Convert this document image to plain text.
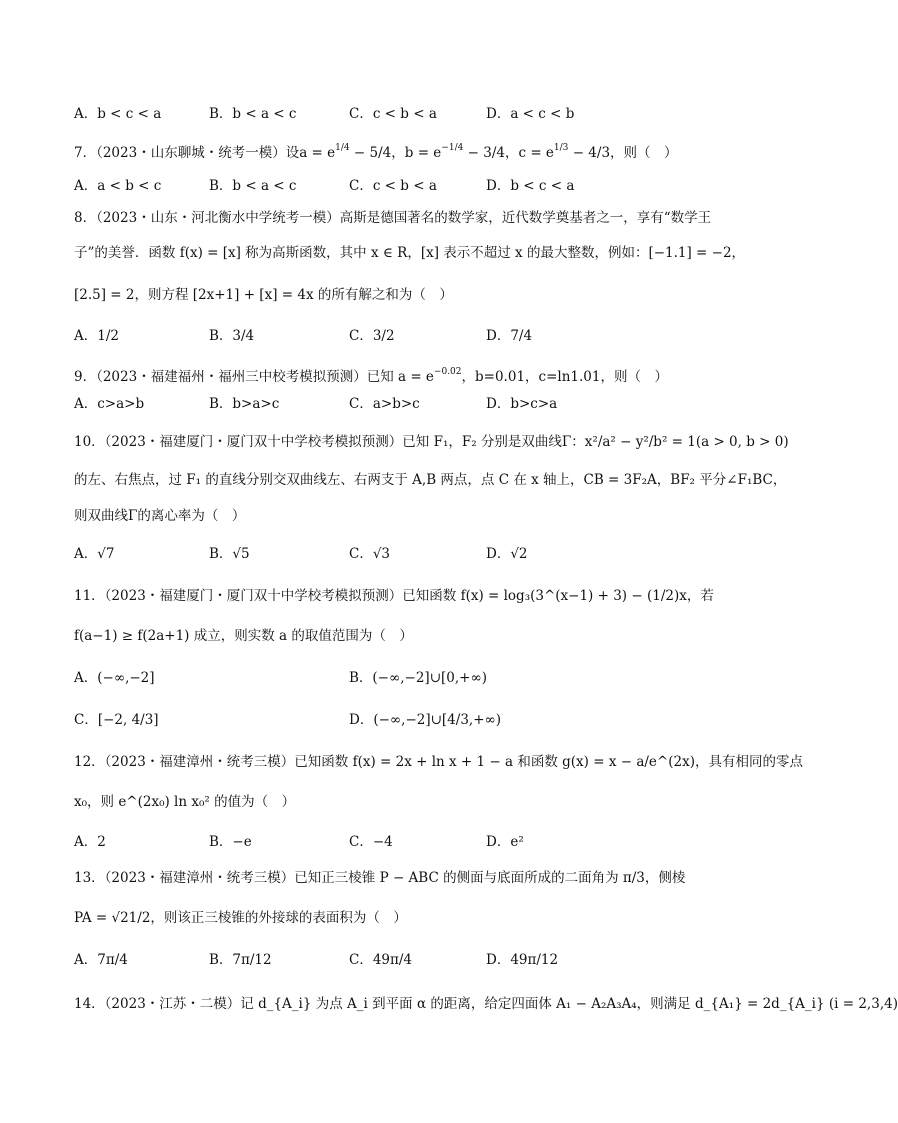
A．b < c < a	B．b < a < c	C．c < b < a	D．a < c < b
7．（2023・山东聊城・统考一模）设$a = e^{1/4} - 5/4$，$b = e^{-1/4} - 3/4$，$c = e^{1/3} - 4/3$，则（　）
A．a < b < c	B．b < a < c	C．c < b < a	D．b < c < a
8．（2023・山东・河北衡水中学统考一模）高斯是德国著名的数学家，近代数学奠基者之一，享有“数学王
子”的美誉．函数 f(x) = [x] 称为高斯函数，其中 x ∈ R，[x] 表示不超过 x 的最大整数，例如：[−1.1] = −2，
[2.5] = 2，则方程 [2x+1] + [x] = 4x 的所有解之和为（　）
A．1/2	B．3/4	C．3/2	D．7/4
9．（2023・福建福州・福州三中校考模拟预测）已知 $a = e^{-0.02}$，b=0.01，c=ln1.01，则（　）
A．c>a>b	B．b>a>c	C．a>b>c	D．b>c>a
10．（2023・福建厦门・厦门双十中学校考模拟预测）已知 F₁，F₂ 分别是双曲线Γ：x²/a² − y²/b² = 1(a > 0, b > 0)
的左、右焦点，过 F₁ 的直线分别交双曲线左、右两支于 A,B 两点，点 C 在 x 轴上，CB = 3F₂A，BF₂ 平分∠F₁BC，
则双曲线Γ的离心率为（　）
A．√7	B．√5	C．√3	D．√2
11．（2023・福建厦门・厦门双十中学校考模拟预测）已知函数 f(x) = log₃(3^(x−1) + 3) − (1/2)x，若
f(a−1) ≥ f(2a+1) 成立，则实数 a 的取值范围为（　）
A．(−∞,−2]	B．(−∞,−2]∪[0,+∞)
C．[−2, 4/3]	D．(−∞,−2]∪[4/3,+∞)
12．（2023・福建漳州・统考三模）已知函数 f(x) = 2x + ln x + 1 − a 和函数 g(x) = x − a/e^(2x)，具有相同的零点
x₀，则 e^(2x₀) ln x₀² 的值为（　）
A．2	B．−e	C．−4	D．e²
13．（2023・福建漳州・统考三模）已知正三棱锥 P − ABC 的侧面与底面所成的二面角为 π/3，侧棱
PA = √21/2，则该正三棱锥的外接球的表面积为（　）
A．7π/4	B．7π/12	C．49π/4	D．49π/12
14．（2023・江苏・二模）记 d_{A_i} 为点 A_i 到平面 α 的距离，给定四面体 A₁ − A₂A₃A₄，则满足 d_{A₁} = 2d_{A_i} (i = 2,3,4)
